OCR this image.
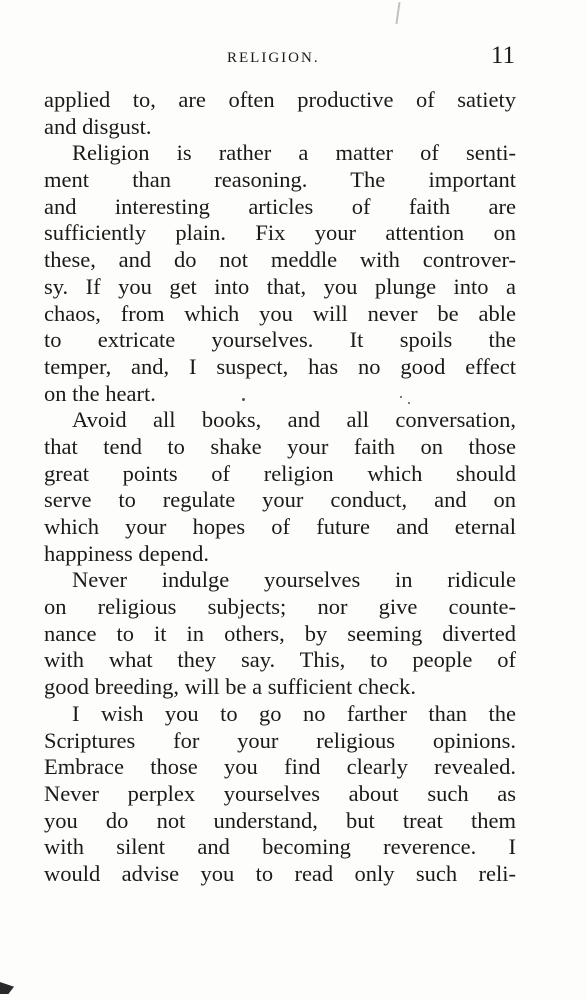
RELIGION.	11
applied to, are often productive of satiety
and disgust.
Religion is rather a matter of senti-
ment than reasoning. The important
and interesting articles of faith are
sufficiently plain. Fix your attention on
these, and do not meddle with controver-
sy. If you get into that, you plunge into a
chaos, from which you will never be able
to extricate yourselves. It spoils the
temper, and, I suspect, has no good effect
on the heart.
Avoid all books, and all conversation,
that tend to shake your faith on those
great points of religion which should
serve to regulate your conduct, and on
which your hopes of future and eternal
happiness depend.
Never indulge yourselves in ridicule
on religious subjects; nor give counte-
nance to it in others, by seeming diverted
with what they say. This, to people of
good breeding, will be a sufficient check.
I wish you to go no farther than the
Scriptures for your religious opinions.
Embrace those you find clearly revealed.
Never perplex yourselves about such as
you do not understand, but treat them
with silent and becoming reverence. I
would advise you to read only such reli-
